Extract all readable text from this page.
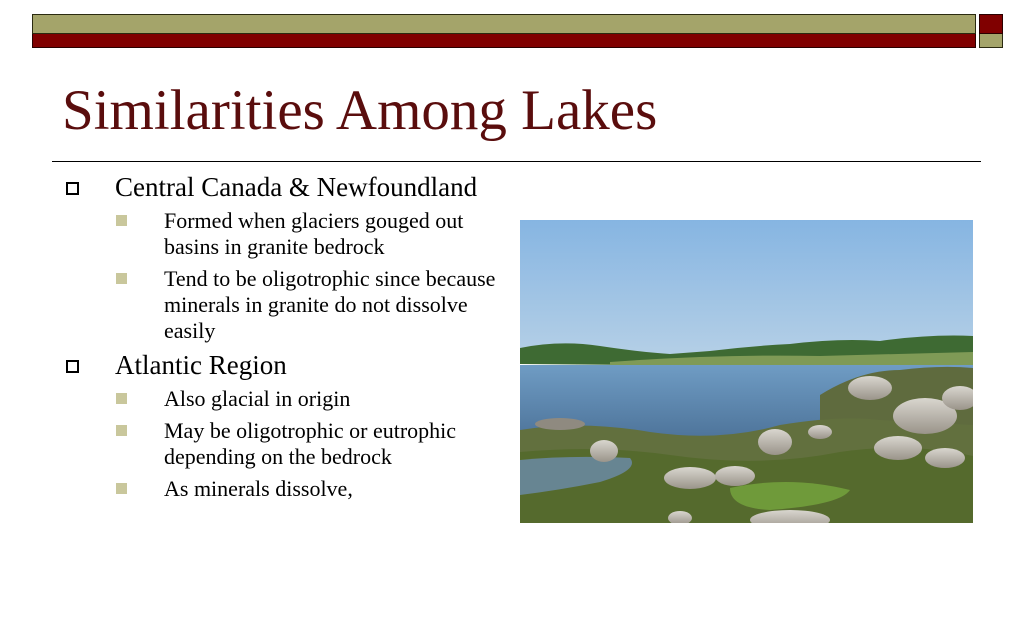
Similarities Among Lakes
Central Canada & Newfoundland
Formed when glaciers gouged out basins in granite bedrock
Tend to be oligotrophic since because minerals in granite do not dissolve easily
Atlantic Region
Also glacial in origin
May be oligotrophic or eutrophic depending on the bedrock
As minerals dissolve,
